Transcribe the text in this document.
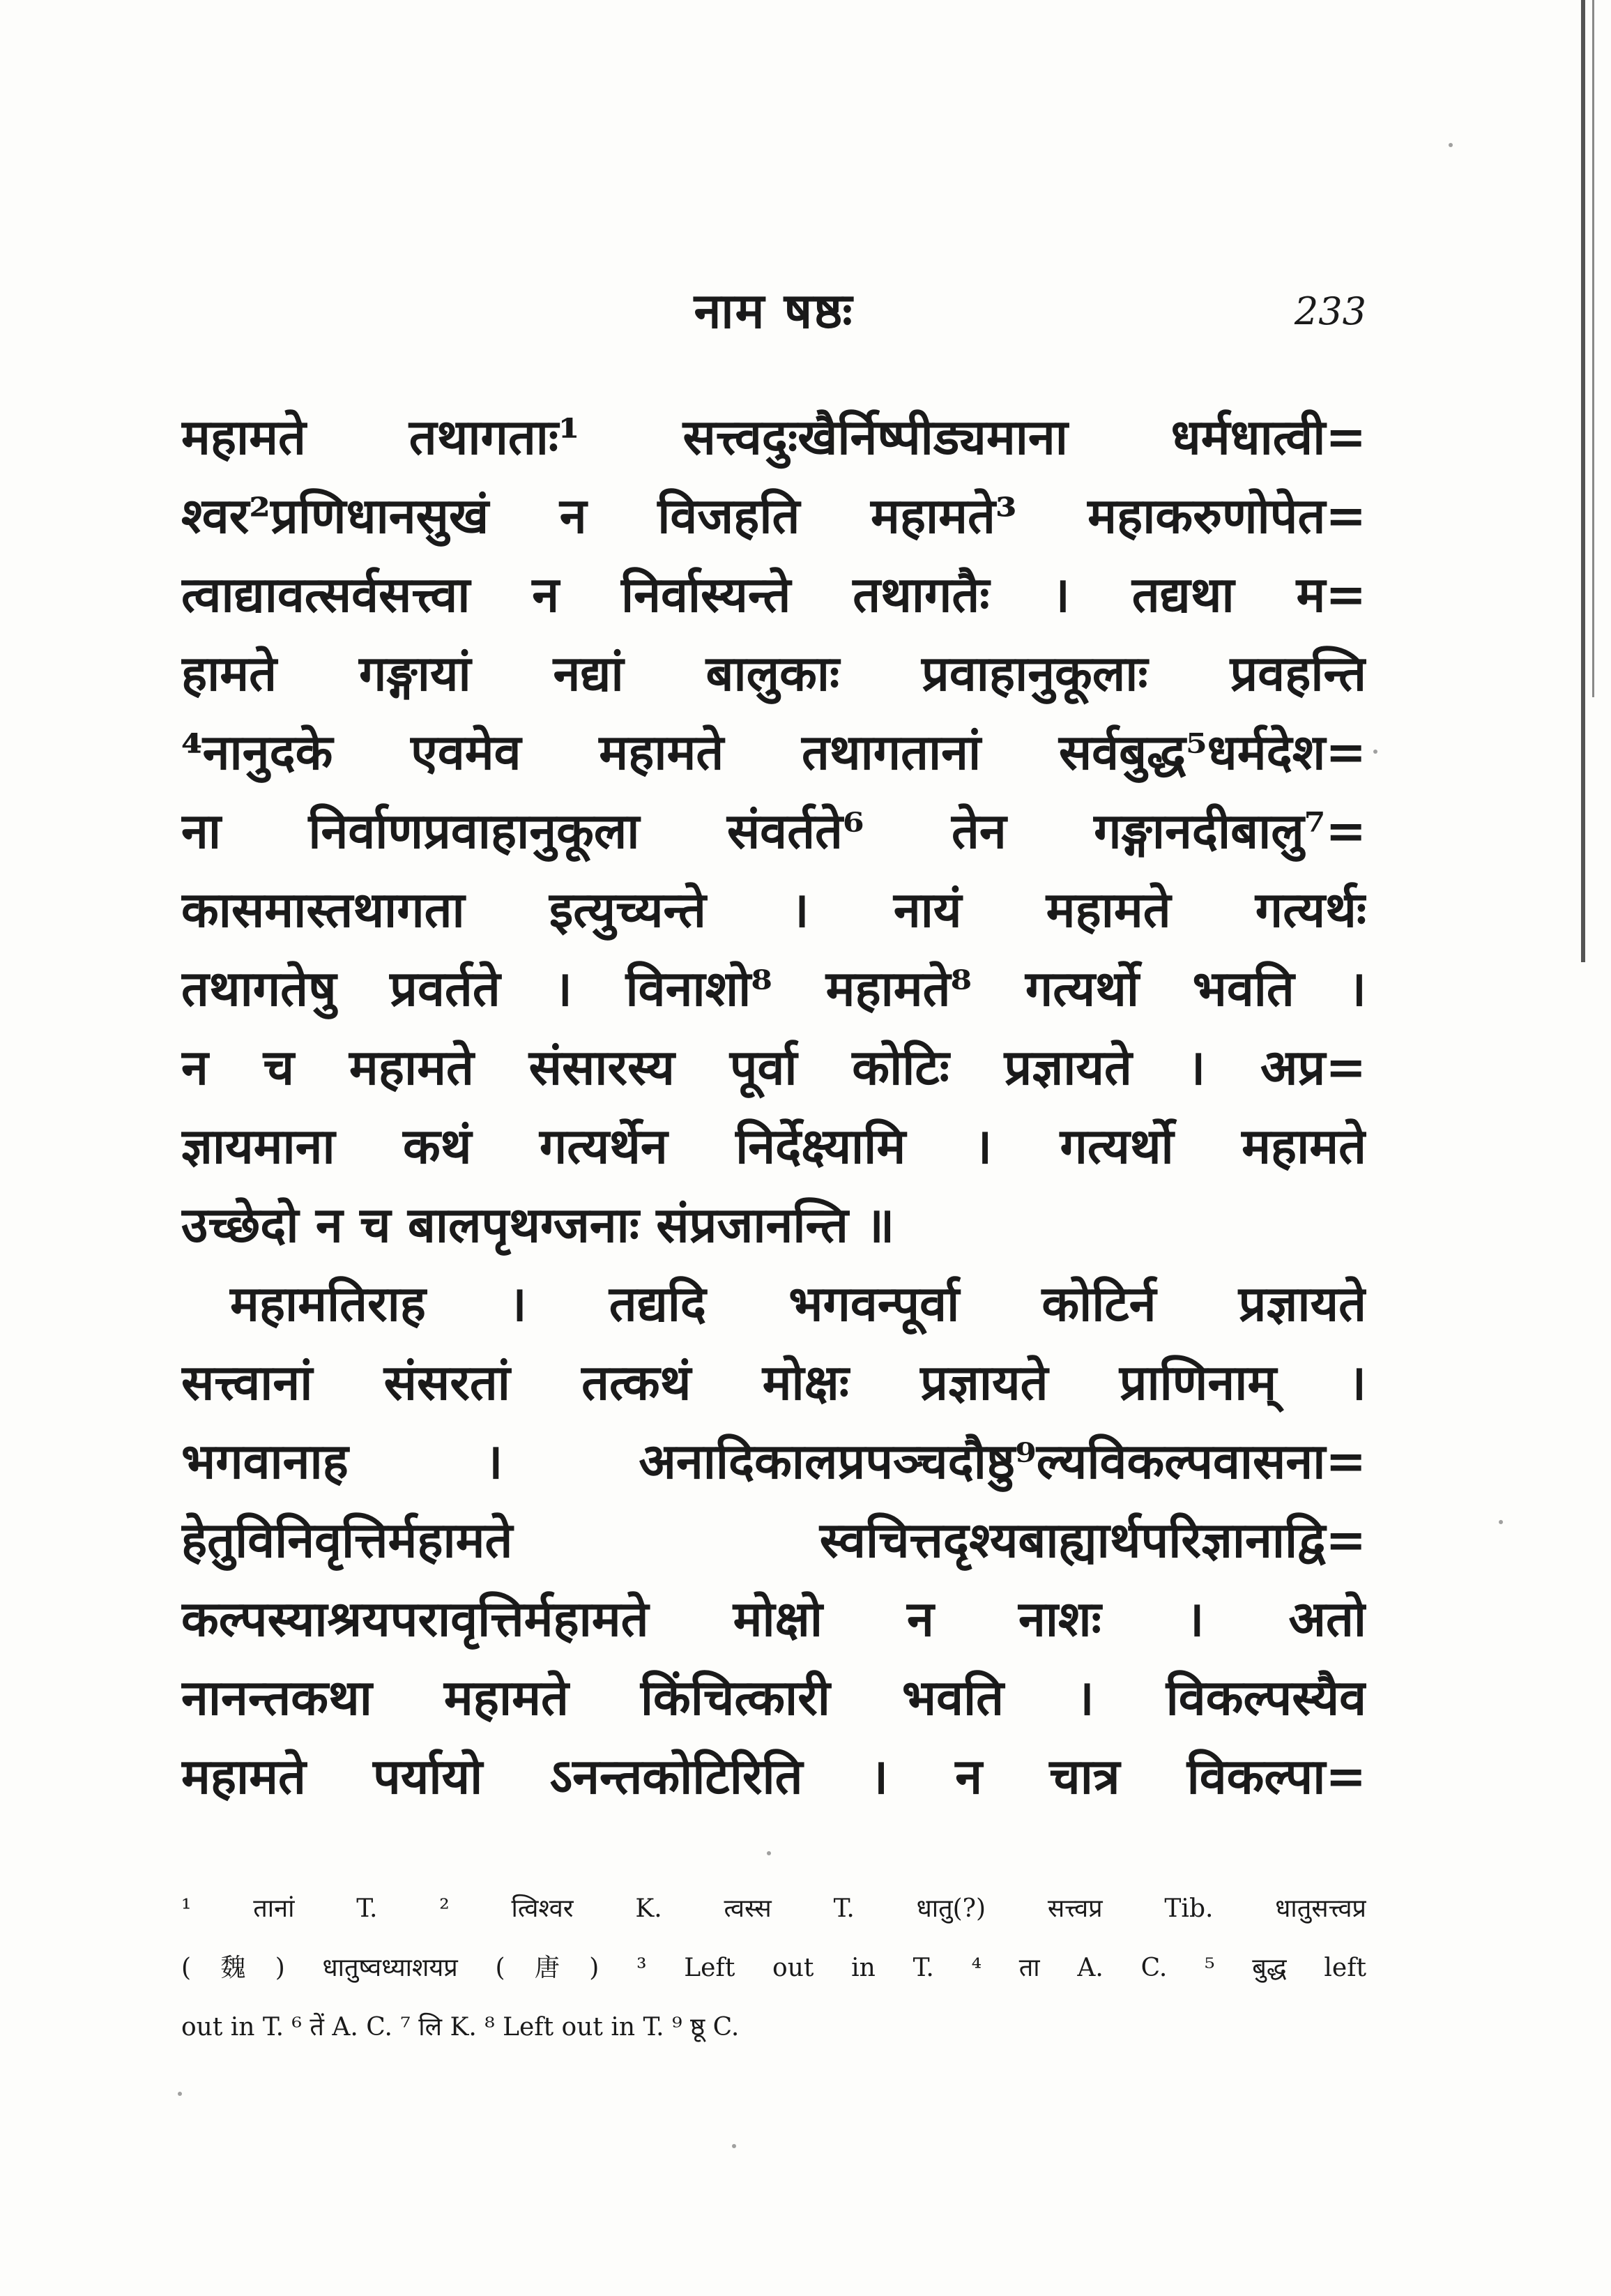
नाम षष्ठः	233
महामते तथागताः¹ सत्त्वदुःखैर्निष्पीड्यमाना धर्मधात्वी=
श्वर²प्रणिधानसुखं न विजहति महामते³ महाकरुणोपेत=
त्वाद्यावत्सर्वसत्त्वा न निर्वास्यन्ते तथागतैः । तद्यथा म=
हामते गङ्गायां नद्यां बालुकाः प्रवाहानुकूलाः प्रवहन्ति
⁴नानुदके एवमेव महामते तथागतानां सर्वबुद्ध⁵धर्मदेश=
ना निर्वाणप्रवाहानुकूला संवर्तते⁶ तेन गङ्गानदीबालु⁷=
कासमास्तथागता इत्युच्यन्ते । नायं महामते गत्यर्थः
तथागतेषु प्रवर्तते । विनाशो⁸ महामते⁸ गत्यर्थो भवति ।
न च महामते संसारस्य पूर्वा कोटिः प्रज्ञायते । अप्र=
ज्ञायमाना कथं गत्यर्थेन निर्देक्ष्यामि । गत्यर्थो महामते
उच्छेदो न च बालपृथग्जनाः संप्रजानन्ति ॥
महामतिराह । तद्यदि भगवन्पूर्वा कोटिर्न प्रज्ञायते
सत्त्वानां संसरतां तत्कथं मोक्षः प्रज्ञायते प्राणिनाम् ।
भगवानाह । अनादिकालप्रपञ्चदौष्ठु⁹ल्यविकल्पवासना=
हेतुविनिवृत्तिर्महामते स्वचित्तदृश्यबाह्यार्थपरिज्ञानाद्वि=
कल्पस्याश्रयपरावृत्तिर्महामते मोक्षो न नाशः । अतो
नानन्तकथा महामते किंचित्कारी भवति । विकल्पस्यैव
महामते पर्यायो ऽनन्तकोटिरिति । न चात्र विकल्पा=
¹ तानां T. ² त्विश्वर K. त्वस्स T. धातु(?) सत्त्वप्र Tib. धातुसत्त्वप्र
(魏) धातुष्वध्याशयप्र (唐) ³ Left out in T. ⁴ ता A. C. ⁵ बुद्ध left
out in T. ⁶ तें A. C. ⁷ लि K. ⁸ Left out in T. ⁹ ष्ठू C.
